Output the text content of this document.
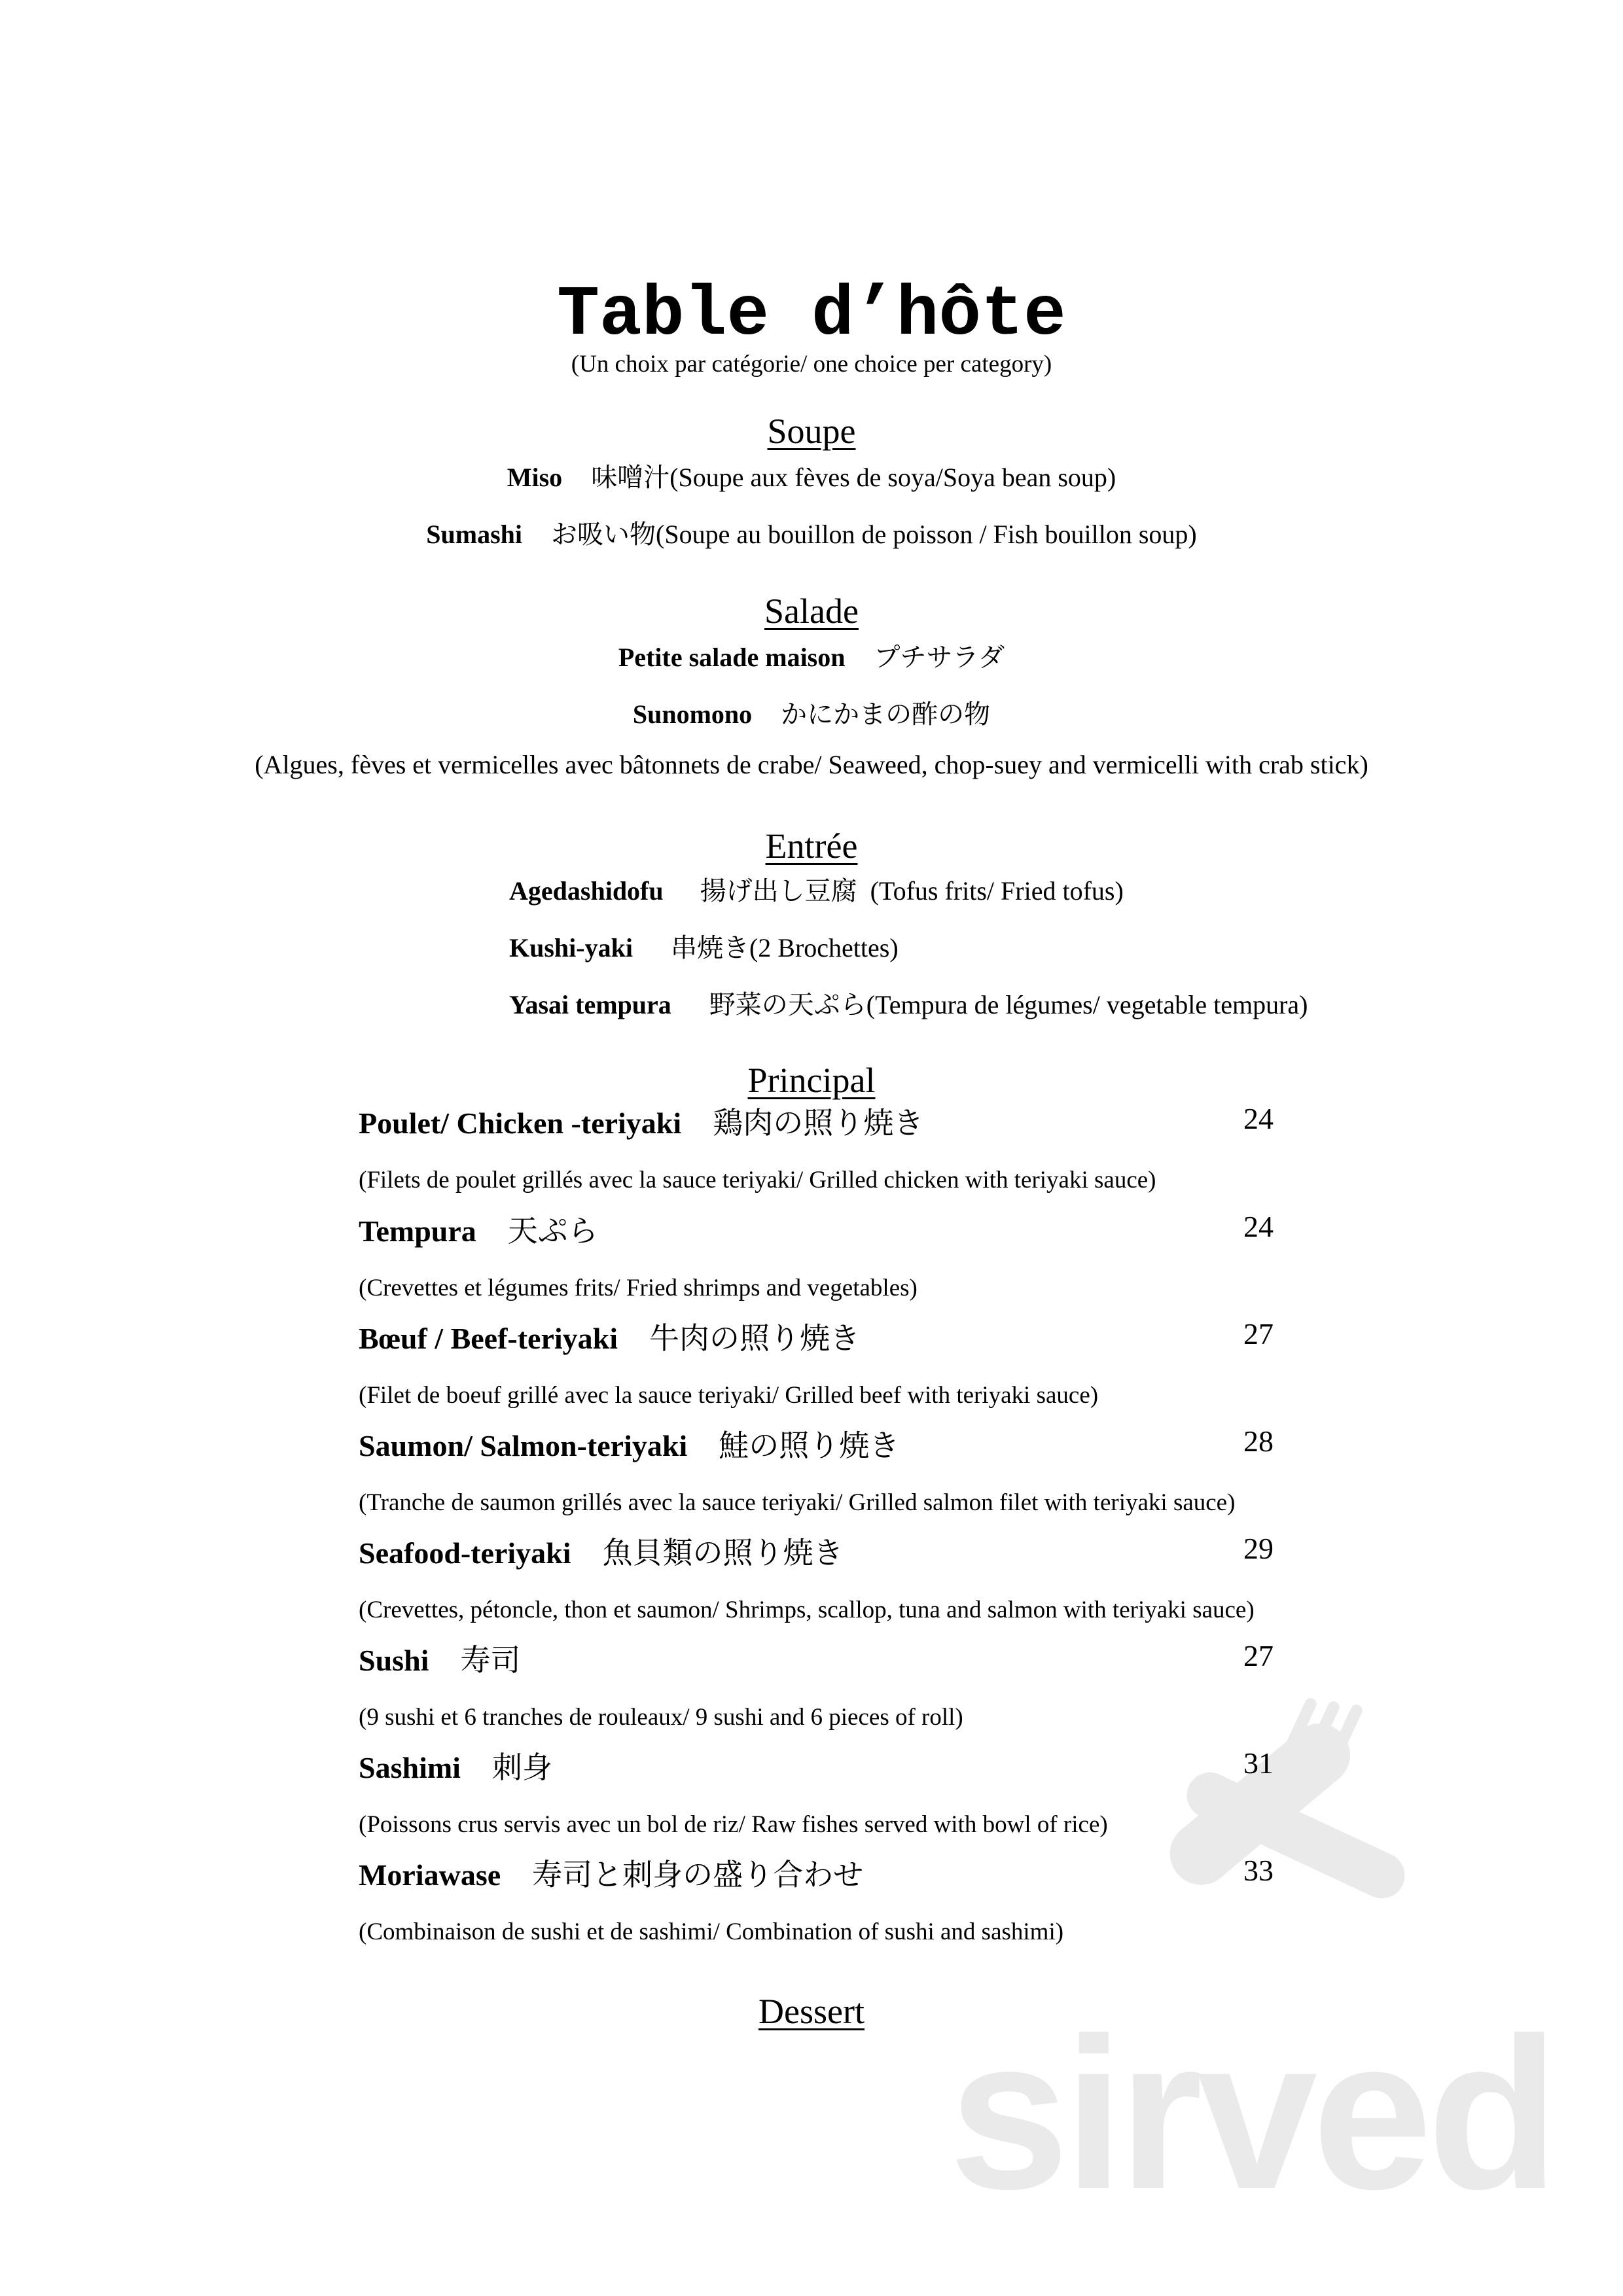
Table d’hôte
(Un choix par catégorie/ one choice per category)
Soupe
Miso 味噌汁(Soupe aux fèves de soya/Soya bean soup)
Sumashi お吸い物(Soupe au bouillon de poisson / Fish bouillon soup)
Salade
Petite salade maison プチサラダ
Sunomono かにかまの酢の物
(Algues, fèves et vermicelles avec bâtonnets de crabe/ Seaweed, chop-suey and vermicelli with crab stick)
Entrée
Agedashidofu 揚げ出し豆腐 (Tofus frits/ Fried tofus)
Kushi-yaki 串焼き(2 Brochettes)
Yasai tempura 野菜の天ぷら(Tempura de légumes/ vegetable tempura)
Principal
Poulet/ Chicken -teriyaki 鶏肉の照り焼き	24
(Filets de poulet grillés avec la sauce teriyaki/ Grilled chicken with teriyaki sauce)
Tempura 天ぷら	24
(Crevettes et légumes frits/ Fried shrimps and vegetables)
Bœuf / Beef-teriyaki 牛肉の照り焼き	27
(Filet de boeuf grillé avec la sauce teriyaki/ Grilled beef with teriyaki sauce)
Saumon/ Salmon-teriyaki 鮭の照り焼き	28
(Tranche de saumon grillés avec la sauce teriyaki/ Grilled salmon filet with teriyaki sauce)
Seafood-teriyaki 魚貝類の照り焼き	29
(Crevettes, pétoncle, thon et saumon/ Shrimps, scallop, tuna and salmon with teriyaki sauce)
Sushi 寿司	27
(9 sushi et 6 tranches de rouleaux/ 9 sushi and 6 pieces of roll)
Sashimi 刺身	31
(Poissons crus servis avec un bol de riz/ Raw fishes served with bowl of rice)
Moriawase 寿司と刺身の盛り合わせ	33
(Combinaison de sushi et de sashimi/ Combination of sushi and sashimi)
Dessert sirved
